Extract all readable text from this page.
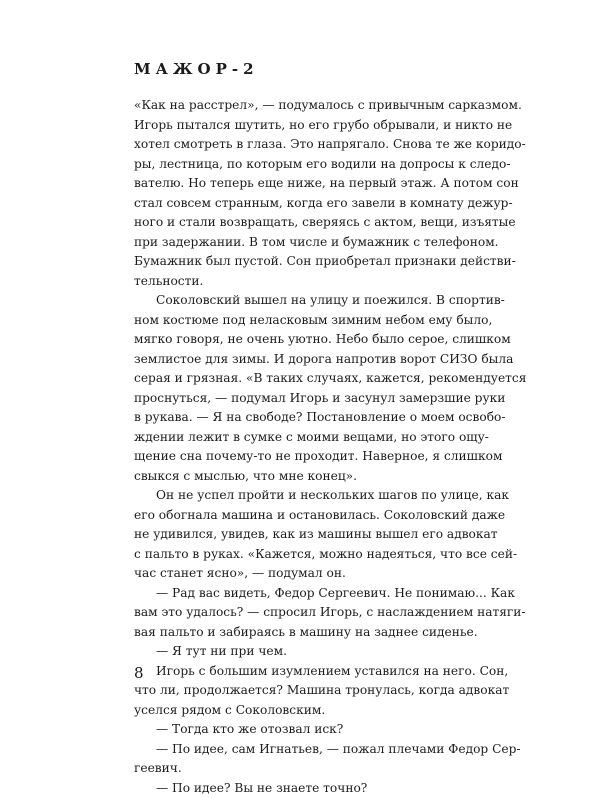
МАЖОР-2
«Как на расстрел», — подумалось с привычным сарказмом.
Игорь пытался шутить, но его грубо обрывали, и никто не
хотел смотреть в глаза. Это напрягало. Снова те же коридо-
ры, лестница, по которым его водили на допросы к следо-
вателю. Но теперь еще ниже, на первый этаж. А потом сон
стал совсем странным, когда его завели в комнату дежур-
ного и стали возвращать, сверяясь с актом, вещи, изъятые
при задержании. В том числе и бумажник с телефоном.
Бумажник был пустой. Сон приобретал признаки действи-
тельности.
Соколовский вышел на улицу и поежился. В спортив-
ном костюме под неласковым зимним небом ему было,
мягко говоря, не очень уютно. Небо было серое, слишком
землистое для зимы. И дорога напротив ворот СИЗО была
серая и грязная. «В таких случаях, кажется, рекомендуется
проснуться, — подумал Игорь и засунул замерзшие руки
в рукава. — Я на свободе? Постановление о моем освобо-
ждении лежит в сумке с моими вещами, но этого ощу-
щение сна почему-то не проходит. Наверное, я слишком
свыкся с мыслью, что мне конец».
Он не успел пройти и нескольких шагов по улице, как
его обогнала машина и остановилась. Соколовский даже
не удивился, увидев, как из машины вышел его адвокат
с пальто в руках. «Кажется, можно надеяться, что все сей-
час станет ясно», — подумал он.
— Рад вас видеть, Федор Сергеевич. Не понимаю... Как
вам это удалось? — спросил Игорь, с наслаждением натяги-
вая пальто и забираясь в машину на заднее сиденье.
— Я тут ни при чем.
Игорь с большим изумлением уставился на него. Сон,
что ли, продолжается? Машина тронулась, когда адвокат
уселся рядом с Соколовским.
— Тогда кто же отозвал иск?
— По идее, сам Игнатьев, — пожал плечами Федор Сер-
геевич.
— По идее? Вы не знаете точно?
8
